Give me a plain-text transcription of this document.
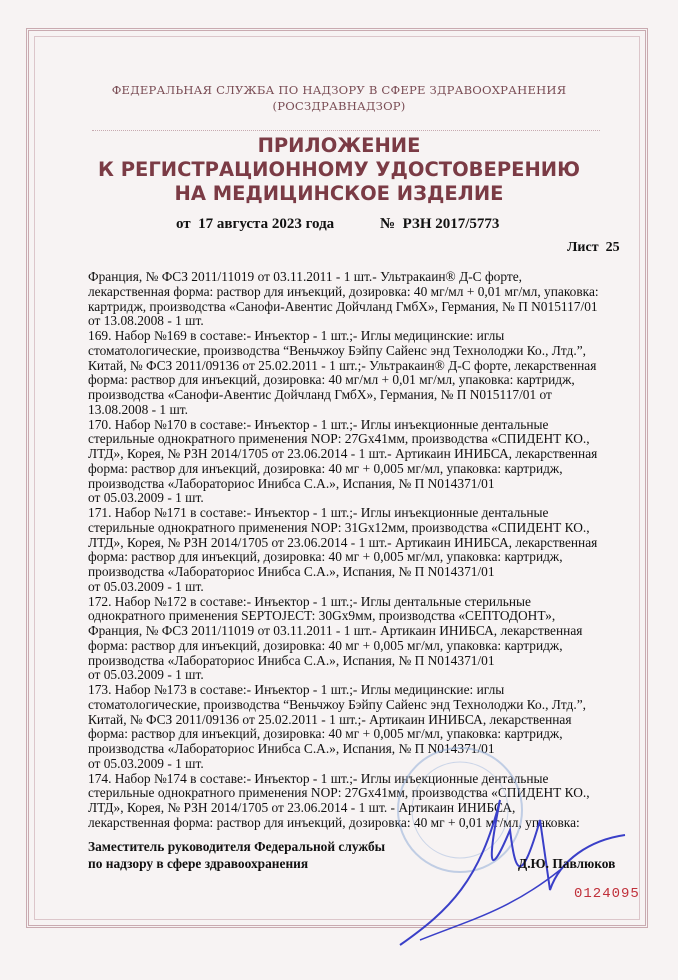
ФЕДЕРАЛЬНАЯ СЛУЖБА ПО НАДЗОРУ В СФЕРЕ ЗДРАВООХРАНЕНИЯ
(РОСЗДРАВНАДЗОР)
ПРИЛОЖЕНИЕ
К РЕГИСТРАЦИОННОМУ УДОСТОВЕРЕНИЮ
НА МЕДИЦИНСКОЕ ИЗДЕЛИЕ
от  17 августа 2023 года	№  РЗН 2017/5773
Лист  25
Франция, № ФСЗ 2011/11019 от 03.11.2011 - 1 шт.- Ультракаин® Д-С форте,
лекарственная форма: раствор для инъекций, дозировка: 40 мг/мл + 0,01 мг/мл, упаковка:
картридж, производства «Санофи-Авентис Дойчланд ГмбХ», Германия, № П N015117/01
от 13.08.2008 - 1 шт.
169. Набор №169 в составе:- Инъектор - 1 шт.;- Иглы медицинские: иглы
стоматологические, производства “Веньчжоу Бэйпу Сайенс энд Технолоджи Ко., Лтд.”,
Китай, № ФСЗ 2011/09136 от 25.02.2011 - 1 шт.;- Ультракаин® Д-С форте, лекарственная
форма: раствор для инъекций, дозировка: 40 мг/мл + 0,01 мг/мл, упаковка: картридж,
производства «Санофи-Авентис Дойчланд ГмбХ», Германия, № П N015117/01 от
13.08.2008 - 1 шт.
170. Набор №170 в составе:- Инъектор - 1 шт.;- Иглы инъекционные дентальные
стерильные однократного применения NOP: 27Gx41мм, производства «СПИДЕНТ КО.,
ЛТД», Корея, № РЗН 2014/1705 от 23.06.2014 - 1 шт.- Артикаин ИНИБСА, лекарственная
форма: раствор для инъекций, дозировка: 40 мг + 0,005 мг/мл, упаковка: картридж,
производства «Лабораториос Инибса С.А.», Испания, № П N014371/01
от 05.03.2009 - 1 шт.
171. Набор №171 в составе:- Инъектор - 1 шт.;- Иглы инъекционные дентальные
стерильные однократного применения NOP: 31Gx12мм, производства «СПИДЕНТ КО.,
ЛТД», Корея, № РЗН 2014/1705 от 23.06.2014 - 1 шт.- Артикаин ИНИБСА, лекарственная
форма: раствор для инъекций, дозировка: 40 мг + 0,005 мг/мл, упаковка: картридж,
производства «Лабораториос Инибса С.А.», Испания, № П N014371/01
от 05.03.2009 - 1 шт.
172. Набор №172 в составе:- Инъектор - 1 шт.;- Иглы дентальные стерильные
однократного применения SEPTOJECT: 30Gx9мм, производства «СЕПТОДОНТ»,
Франция, № ФСЗ 2011/11019 от 03.11.2011 - 1 шт.- Артикаин ИНИБСА, лекарственная
форма: раствор для инъекций, дозировка: 40 мг + 0,005 мг/мл, упаковка: картридж,
производства «Лабораториос Инибса С.А.», Испания, № П N014371/01
от 05.03.2009 - 1 шт.
173. Набор №173 в составе:- Инъектор - 1 шт.;- Иглы медицинские: иглы
стоматологические, производства “Веньчжоу Бэйпу Сайенс энд Технолоджи Ко., Лтд.”,
Китай, № ФСЗ 2011/09136 от 25.02.2011 - 1 шт.;- Артикаин ИНИБСА, лекарственная
форма: раствор для инъекций, дозировка: 40 мг + 0,005 мг/мл, упаковка: картридж,
производства «Лабораториос Инибса С.А.», Испания, № П N014371/01
от 05.03.2009 - 1 шт.
174. Набор №174 в составе:- Инъектор - 1 шт.;- Иглы инъекционные дентальные
стерильные однократного применения NOP: 27Gx41мм, производства «СПИДЕНТ КО.,
ЛТД», Корея, № РЗН 2014/1705 от 23.06.2014 - 1 шт. - Артикаин ИНИБСА,
лекарственная форма: раствор для инъекций, дозировка: 40 мг + 0,01 мг/мл, упаковка:
Заместитель руководителя Федеральной службы
по надзору в сфере здравоохранения	Д.Ю. Павлюков
0124095
